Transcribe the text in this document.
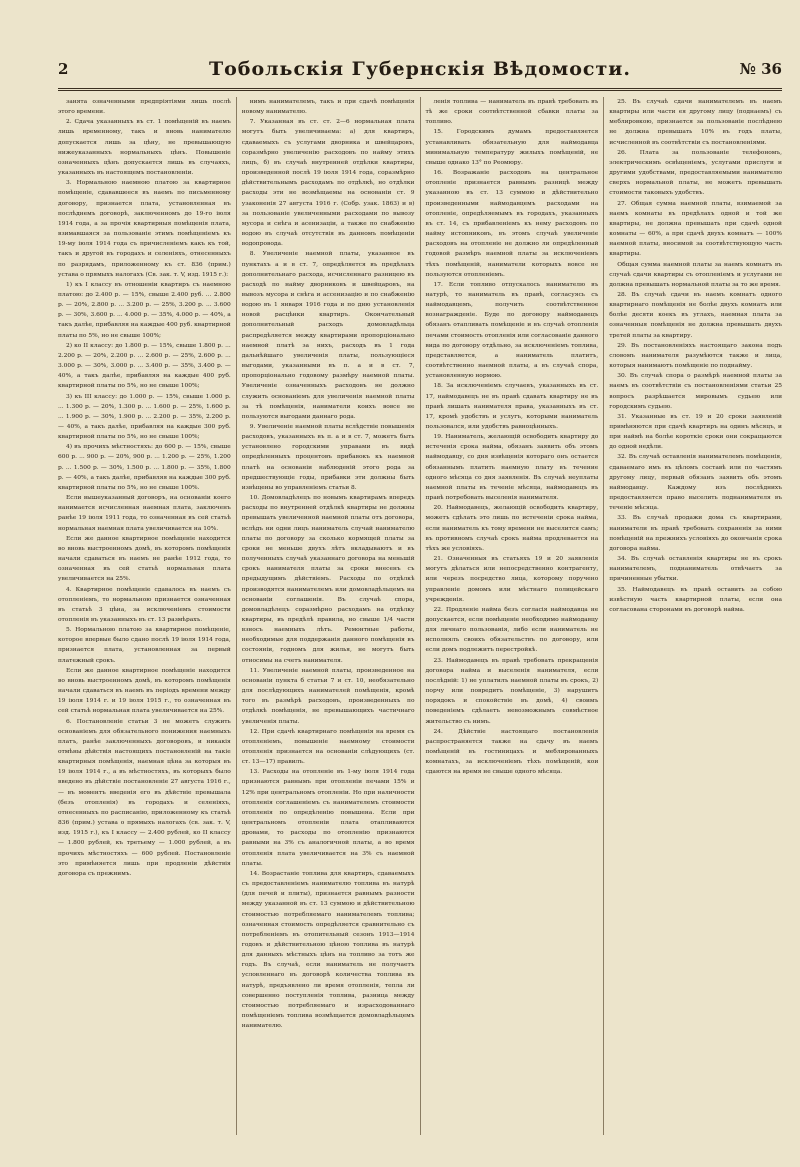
2	Тобольскія Губернскія Вѣдомости.	№ 36

занята означенными предпріятіями лишь послѣ этого времени.

2. Сдача указанныхъ въ ст. 1 помѣщеній въ наемъ лишь временному, такъ и вновь нанимателю допускается лишь за цѣну, не превышающую нижеуказанныхъ нормальныхъ цѣнъ. Повышеніе означенныхъ цѣнъ допускается лишь въ случаяхъ, указанныхъ въ настоящемъ постановленіи.

3. Нормальною наемною платою за квартирное помѣщеніе, сдававшееся въ наемъ по письменному договору, признается плата, установленная въ послѣднемъ договорѣ, заключенномъ до 19-го іюля 1914 года, а за прочія квартирныя помѣщенія плата, взимавшаяся за пользованіе этимъ помѣщеніемъ къ 19-му іюля 1914 года съ причисленіемъ какъ къ той, такъ и другой въ городахъ и селеніяхъ, отнесенныхъ по разрядамъ, приложенному къ ст. 836 (прим.) устава о прямыхъ налогахъ (Св. зак. т. V, изд. 1915 г.):

1) къ I классу въ отношеніи квартиръ съ наемною платою: до 2.400 р. — 15%, свыше 2.400 руб. ... 2.800 р. — 20%, 2.800 р. ... 3.200 р. — 25%, 3.200 р. ... 3.600 р. — 30%, 3.600 р. ... 4.000 р. — 35%, 4.000 р. — 40%, а такъ далѣе, прибавляя на каждые 400 руб. квартирной платы по 5%, но не свыше 100%;

2) ко II классу: до 1.800 р. — 15%, свыше 1.800 р. ... 2.200 р. — 20%, 2.200 р. ... 2.600 р. — 25%, 2.600 р. ... 3.000 р. — 30%, 3.000 р. ... 3.400 р. — 35%, 3.400 р. — 40%, а такъ далѣе, прибавляя на каждые 400 руб. квартирной платы по 5%, но не свыше 100%;

3) къ III классу: до 1.000 р. — 15%, свыше 1.000 р. ... 1.300 р. — 20%, 1.300 р. ... 1.600 р. — 25%, 1.600 р. ... 1.900 р. — 30%, 1.900 р. ... 2.200 р. — 35%, 2.200 р. — 40%, а такъ далѣе, прибавляя на каждые 300 руб. квартирной платы по 5%, но не свыше 100%;

4) въ прочихъ мѣстностяхъ: до 600 р. — 15%, свыше 600 р. ... 900 р. — 20%, 900 р. ... 1.200 р. — 25%, 1.200 р. ... 1.500 р. — 30%, 1.500 р. ... 1.800 р. — 35%, 1.800 р. — 40%, а такъ далѣе, прибавляя на каждые 300 руб. квартирной платы по 5%, но не свыше 100%.

Если вышеуказанный договоръ, на основаніи коего нанимается исчисленная наемная плата, заключенъ ранѣе 19 іюля 1911 года, то означенная въ сей статьѣ нормальная наемная плата увеличивается на 10%.

Если же данное квартирное помѣщеніе находится во вновь выстроенномъ домѣ, въ которомъ помѣщенія начали сдаваться въ наемъ не ранѣе 1912 года, то означенная въ сей статьѣ нормальная плата увеличивается на 25%.

4. Квартирное помѣщеніе сдавалось въ наемъ съ отопленіемъ, то нормальною признается означенная въ статьѣ 3 цѣна, за исключеніемъ стоимости отопленія въ указанныхъ въ ст. 13 размѣрахъ.

5. Нормальною платою за квартирное помѣщеніе, которое впервые было сдано послѣ 19 іюля 1914 года, признается плата, установленная за первый платежный срокъ.

Если же данное квартирное помѣщеніе находится во вновь выстроенномъ домѣ, въ которомъ помѣщенія начали сдаваться въ наемъ въ періодъ времени между 19 іюля 1914 г. и 19 іюля 1915 г., то означенная въ сей статьѣ нормальная плата увеличивается на 25%.

6. Постановленіе статьи 3 не можетъ служить основаніемъ для обязательного понижения наемныхъ платъ, ранѣе заключенныхъ договоровъ, и никакія отмѣны дѣйствія настоящихъ постановленій на такіе квартирныя помѣщенія, наемная цѣна за которыя въ 19 іюля 1914 г., а въ мѣстностяхъ, въ которыхъ было введено въ дѣйствіе постановленіе 27 августа 1916 г., — въ моментъ введенія его въ дѣйствіе превышала (безъ отопленія) въ городахъ и селеніяхъ, отнесенныхъ по расписанію, приложенному къ статьѣ 836 (прим.) устава о прямыхъ налогахъ (св. зак. т. V, изд. 1915 г.), къ I классу — 2.400 рублей, ко II классу — 1.800 рублей, къ третьему — 1.000 рублей, а въ прочихъ мѣстностяхъ — 600 рублей. Постановленіе это примѣняется лишь при продленіи дѣйствія договора съ прежнимъ.

нимъ нанимателемъ, такъ и при сдачѣ помѣщенія новому нанимателю.

7. Указанная въ ст. ст. 2—6 нормальная плата могутъ быть увеличиваема: а) для квартиръ, сдаваемыхъ съ услугами дворника и швейцаровъ, соразмѣрно увеличенію расходовъ по найму этихъ лицъ, б) въ случаѣ внутренней отдѣлки квартиры, произведенной послѣ 19 іюля 1914 года, соразмѣрно дѣйствительнымъ расходамъ по отдѣлкѣ, но отдѣлки расходы эти не возмѣщаемы на основаніи ст. 9 узаконенія 27 августа 1916 г. (Собр. узак. 1863) и в) за пользованіе увеличенными расходами по вывозу мусора и снѣга и асенизаціи, а также по снабженію водою въ случаѣ отсутствія въ данномъ помѣщеніи водопровода.

8. Увеличеніе наемной платы, указанное въ пунктахъ а и в ст. 7, опредѣляется въ предѣлахъ дополнительнаго расхода, исчисленнаго разницею въ расходѣ по найму дворниковъ и швейцаровъ, на вывозъ мусора и снѣга и ассенизацію и по снабженію водою въ 1 января 1916 года и по дню установленія новой расцѣнки квартиръ. Окончательный дополнительный расходъ домовладѣльца распредѣляется между квартирами пропорціонально наемной платѣ за нихъ, расходъ въ 1 года дальнѣйшаго увеличенія платы, пользующіеся выгодами, указанными въ п. а и в ст. 7, пропорціонально годовому размѣру наемной платы. Увеличеніе означенныхъ расходовъ не должно служить основаніемъ для увеличенія наемной платы за тѣ помѣщенія, наниматели коихъ вовсе не пользуются выгодами даннаго рода.

9. Увеличеніе наемной платы вслѣдствіе повышенія расходовъ, указанныхъ въ п. а и в ст. 7, можетъ быть установлено городскими управами въ видѣ опредѣленныхъ процентовъ прибавокъ къ наемной платѣ на основаніи наблюденій этого рода за предшествующіе годы, прибавки эти должны быть извѣщены во управленіемъ статьи 8.

10. Домовладѣлецъ по новымъ квартирамъ впередъ расходы по внутренней отдѣлкѣ квартиры не должны превышать увеличенной наемной платы отъ договора, вслѣдъ ни одни лицъ наниматель случай нанимателю платы по договору за сколько кормящей платы за сроки не меньше двухъ лѣтъ вкладываютъ и въ полученныхъ случаѣ указаннаго договора на меньшій срокъ нанимателя платы за сроки внесенъ съ предыдущимъ дѣйствіемъ. Расходы по отдѣлкѣ производятся нанимателемъ или домовладѣльцемъ на основаніи соглашенія. Въ случаѣ спора, домовладѣлецъ соразмѣрно расходамъ на отдѣлку квартиры, въ предѣлѣ правила, но свыше 1/4 части взносъ наемныхъ лѣтъ. Ремонтные работы, необходимые для поддержанія данного помѣщенія въ состояніи, годномъ для жилья, не могутъ быть относимы на счетъ нанимателя.

11. Увеличеніе наемной платы, произведенное на основаніи пункта б статьи 7 и ст. 10, необязательно для послѣдующихъ нанимателей помѣщенія, кромѣ того въ размѣрѣ расходовъ, произведенныхъ по отдѣлкѣ помѣщенія, не превышающихъ частичнаго увеличенія платы.

12. При сдачѣ квартирнаго помѣщенія на время съ отопленіемъ, повышеніе наемному стоимости отопленія признается на основаніи слѣдующихъ (ст. ст. 13—17) правилъ.

13. Расходы на отопленіе въ 1-му іюля 1914 года признаются равнымъ при отопленіи печами 15% и 12% при центральномъ отопленіи. Но при наличности отопленія соглашеніемъ съ нанимателемъ стоимости отопленія по опредѣленію повышена. Если при центральномъ отопленіи плата отапливаются дровами, то расходы по отопленію признаются равными на 3% съ аналогичной платы, а во время отопленія плата увеличивается на 3% съ наемной платы.

14. Возрастаніе топлива для квартиръ, сдаваемыхъ съ предоставленіемъ нанимателю топлива въ натурѣ (для печей и плиты), признается равнымъ разности между указанной въ ст. 13 суммою и дѣйствительною стоимостью потребляемаго нанимателемъ топлива; означенная стоимость опредѣляется сравнительно съ потребленіемъ въ отопительный сезонъ 1913—1914 годовъ и дѣйствительною цѣною топлива въ натурѣ для данныхъ мѣстныхъ цѣнъ на топливо за тотъ же годъ. Въ случаѣ, если наниматель не получаетъ условленнаго въ договорѣ количества топлива въ натурѣ, предъявлено ли время отопленія, тепла ли совершенно поступленія топлива, разница между стоимостью потребляемаго и израсходованнаго помѣщеніемъ топлива возмѣщается домовладѣльцемъ нанимателю.

ленія топлива — наниматель въ правѣ требовать въ тѣ же сроки соотвѣтственной сбавки платы за топливо.

15. Городскимъ думамъ предоставляется устанавливать обязательную для наймодавца минимальную температуру жилыхъ помѣщеній, не свыше однако 13° по Реомюру.

16. Возражаніе расходовъ на центральное отопленіе признается равнымъ разницѣ между указанною въ ст. 13 суммою и дѣйствительно произведенными наймодавцемъ расходами на отопленіе, опредѣляемымъ въ городахъ, указанныхъ въ ст. 14, съ прибавленіемъ къ нему расходовъ по найму истопниковъ, въ этомъ случаѣ увеличеніе расходовъ на отопленіе не должно ли опредѣленный годовой размѣръ наемной платы за исключеніемъ тѣхъ помѣщеній, наниматели которыхъ вовсе не пользуются отопленіемъ.

17. Если топливо отпускалось нанимателю въ натурѣ, то наниматель въ правѣ, согласуясь съ наймодавцемъ, получить соотвѣтственное вознагражденіе. Буде по договору наймодавецъ обязанъ отапливать помѣщеніе и въ случаѣ отопленія печами стоимость отопленія или согласованіе данного вида по договору отдѣльно, за исключеніемъ топлива, представляется, а наниматель платитъ, соотвѣтственно наемной платы, а въ случаѣ спора, установленную нормою.

18. За исключеніемъ случаевъ, указанныхъ въ ст. 17, наймодавецъ не въ правѣ сдавать квартиру не въ правѣ лишать нанимателя права, указанныхъ въ ст. 17, кромѣ удобствъ и услугъ, которыми наниматель пользовался, или удобствъ равноцѣнныхъ.

19. Наниматель, желающій освободить квартиру до истеченія срока найма, обязанъ заявить объ этомъ наймодавцу, со дня извѣщенія котораго онъ остается обязаннымъ платить наемную плату въ течение одного мѣсяца со дня заявленія. Въ случаѣ неуплаты наемной платы въ теченіе мѣсяца, наймодавецъ въ правѣ потребовать выселенія нанимателя.

20. Наймодавецъ, желающій освободить квартиру, можетъ сдѣлать это лишь по истеченіи срока найма, если наниматель къ тому времени не выселится самъ; въ противномъ случаѣ срокъ найма продлевается на тѣхъ же условіяхъ.

21. Означенныя въ статьяхъ 19 и 20 заявленія могутъ дѣлаться или непосредственно контрагенту, или черезъ посредство лица, которому поручено управленіе домомъ или мѣстнаго полицейскаго учрежденія.

22. Продленіе найма безъ согласія наймодавца не допускается, если помѣщеніе необходимо наймодавцу для личнаго пользованія, либо если наниматель не исполнялъ своихъ обязательствъ по договору, или если домъ подлежитъ перестройкѣ.

23. Наймодавецъ въ правѣ требовать прекращенія договора найма и выселенія нанимателя, если послѣдній: 1) не уплатилъ наемной платы въ срокъ, 2) порчу или повредитъ помѣщеніе, 3) нарушитъ порядокъ и спокойствіе въ домѣ, 4) своимъ поведеніемъ сдѣлаетъ невозможнымъ совмѣстное жительство съ нимъ.

24. Дѣйствіе настоящаго постановленія распространяется также на сдачу въ наемъ помѣщеній въ гостиницахъ и меблированныхъ комнатахъ, за исключеніемъ тѣхъ помѣщеній, кои сдаются на время не свыше одного мѣсяца.

25. Въ случаѣ сдачи нанимателемъ въ наемъ квартиры или части ея другому лицу (поднаемъ) съ меблировкою, признается за пользованіе послѣднею не должна превышать 10% въ годъ платы, исчисленной въ соотвѣтствіи съ постановленіями.

26. Плата за пользованіе телефономъ, электрическимъ освѣщеніемъ, услугами прислуги и другими удобствами, предоставляемыми нанимателю сверхъ нормальной платы, не можетъ превышать стоимости таковыхъ удобствъ.

27. Общая сумма наемной платы, взимаемой за наемъ комнаты въ предѣлахъ одной и той же квартиры, не должна превышать при сдачѣ одной комнаты — 60%, а при сдачѣ двухъ комнатъ — 100% наемной платы, вносимой за соотвѣтствующую часть квартиры.

Общая сумма наемной платы за наемъ комнатъ въ случаѣ сдачи квартиры съ отопленіемъ и услугами не должна превышать нормальной платы за то же время.

28. Въ случаѣ сдачи въ наемъ комнатъ одного квартирнаго помѣщенія не болѣе двухъ комнатъ или болѣе десяти коекъ въ углахъ, наемная плата за означенныя помѣщенія не должна превышать двухъ третей платы за квартиру.

29. Въ постановленіяхъ настоящаго закона подъ словомъ нанимателя разумѣются также и лица, которыя нанимаютъ помѣщеніе по поднайму.

30. Въ случаѣ спора о размѣрѣ наемной платы за наемъ въ соотвѣтствіи съ постановленіями статьи 25 вопросъ разрѣшается мировымъ судьею или городскимъ судьею.

31. Указанные въ ст. 19 и 20 сроки заявленій примѣняются при сдачѣ квартиръ на одинъ мѣсяцъ, и при наймѣ на болѣе короткіе сроки они сокращаются до одной недѣли.

32. Въ случаѣ оставленія нанимателемъ помѣщенія, сдаваемаго имъ въ цѣломъ составѣ или по частямъ другому лицу, первый обязанъ заявить объ этомъ наймодавцу. Каждому изъ послѣднихъ предоставляется право выселить поднанимателя въ теченіе мѣсяца.

33. Въ случаѣ продажи дома съ квартирами, наниматели въ правѣ требовать сохраненія за ними помѣщеній на прежнихъ условіяхъ до окончанія срока договора найма.

34. Въ случаѣ оставленія квартиры не въ срокъ нанимателемъ, поднаниматель отвѣчаетъ за причиненные убытки.

35. Наймодавецъ въ правѣ оставить за собою извѣстную часть квартирной платы, если она согласована сторонами въ договорѣ найма.
